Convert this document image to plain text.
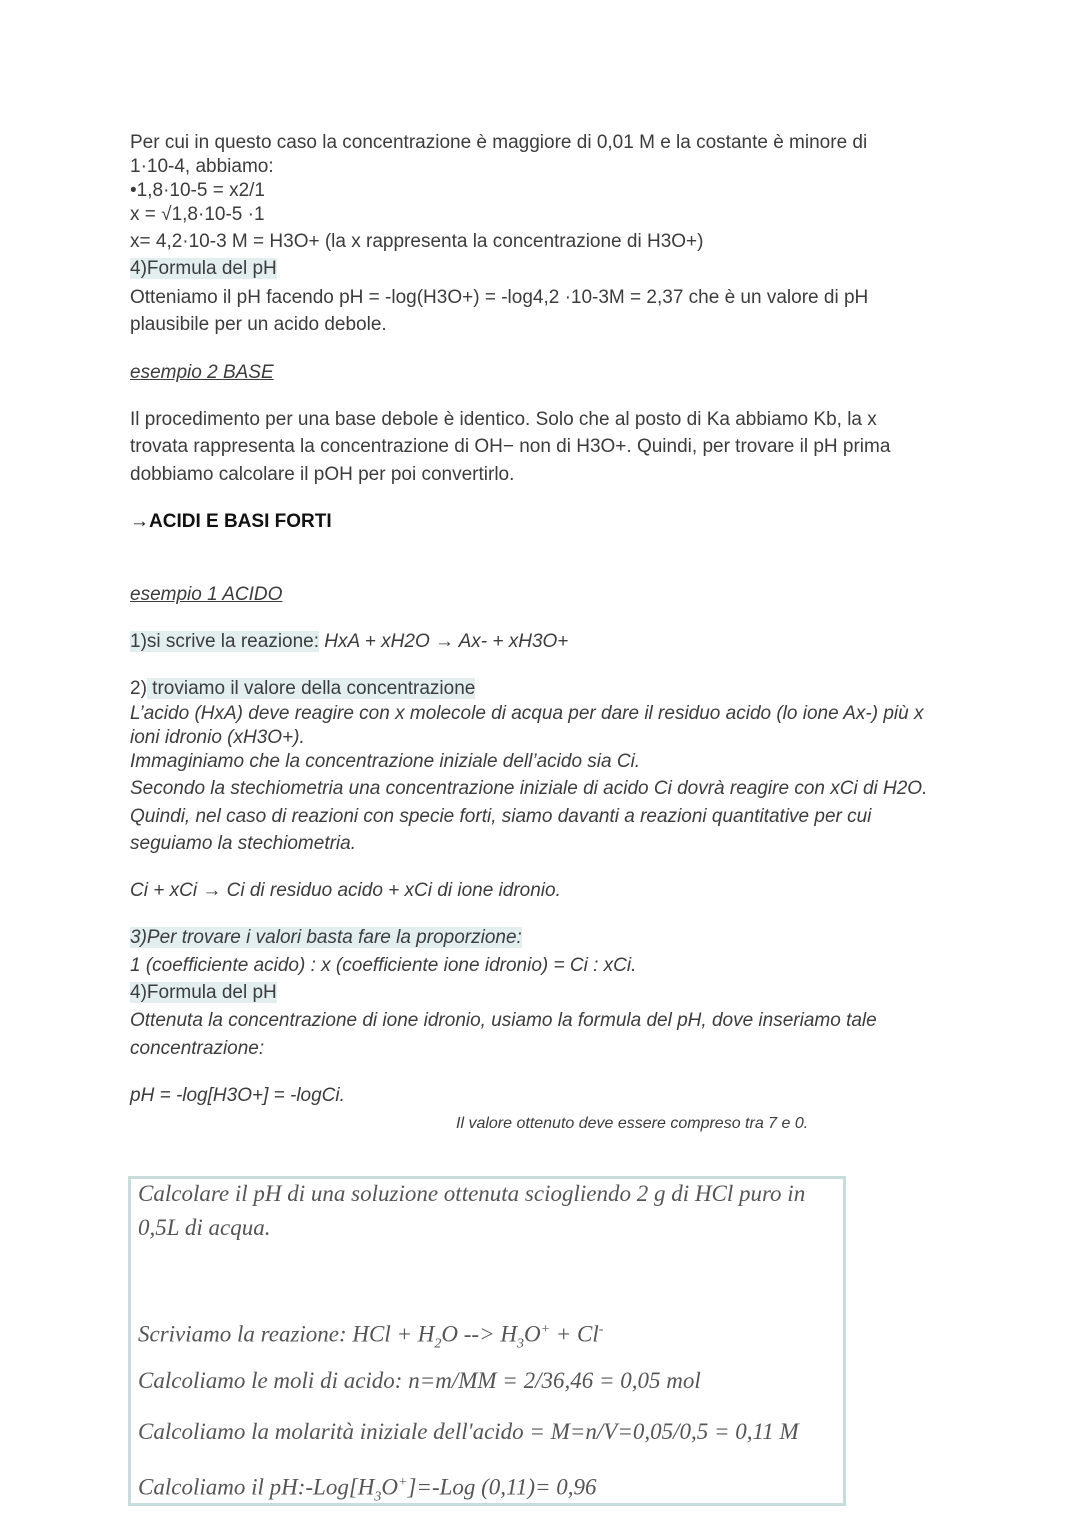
Per cui in questo caso la concentrazione è maggiore di 0,01 M e la costante è minore di
1·10-4, abbiamo:
•1,8·10-5 = x2/1
x = √1,8·10-5 ·1
x= 4,2·10-3 M = H3O+ (la x rappresenta la concentrazione di H3O+)
4)Formula del pH
Otteniamo il pH facendo pH = -log(H3O+) = -log4,2 ·10-3M = 2,37 che è un valore di pH
plausibile per un acido debole.
esempio 2 BASE
Il procedimento per una base debole è identico. Solo che al posto di Ka abbiamo Kb, la x
trovata rappresenta la concentrazione di OH− non di H3O+. Quindi, per trovare il pH prima
dobbiamo calcolare il pOH per poi convertirlo.
→ACIDI E BASI FORTI
esempio 1 ACIDO
1)si scrive la reazione: HxA + xH2O → Ax- + xH3O+
2) troviamo il valore della concentrazione
L’acido (HxA) deve reagire con x molecole di acqua per dare il residuo acido (lo ione Ax-) più x
ioni idronio (xH3O+).
Immaginiamo che la concentrazione iniziale dell’acido sia Ci.
Secondo la stechiometria una concentrazione iniziale di acido Ci dovrà reagire con xCi di H2O.
Quindi, nel caso di reazioni con specie forti, siamo davanti a reazioni quantitative per cui
seguiamo la stechiometria.
Ci + xCi → Ci di residuo acido + xCi di ione idronio.
3)Per trovare i valori basta fare la proporzione:
1 (coefficiente acido) : x (coefficiente ione idronio) = Ci : xCi.
4)Formula del pH
Ottenuta la concentrazione di ione idronio, usiamo la formula del pH, dove inseriamo tale
concentrazione:
pH = -log[H3O+] = -logCi.
Il valore ottenuto deve essere compreso tra 7 e 0.
Calcolare il pH di una soluzione ottenuta sciogliendo 2 g di HCl puro in
0,5L di acqua.
Scriviamo la reazione: HCl + $H_2O$ --> $H_3O^+ + Cl^-$
Calcoliamo le moli di acido: n=m/MM = 2/36,46 = 0,05 mol
Calcoliamo la molarità iniziale dell'acido = M=n/V=0,05/0,5 = 0,11 M
Calcoliamo il $pH:-Log[H_3O^+]=$-Log (0,11)= 0,96
